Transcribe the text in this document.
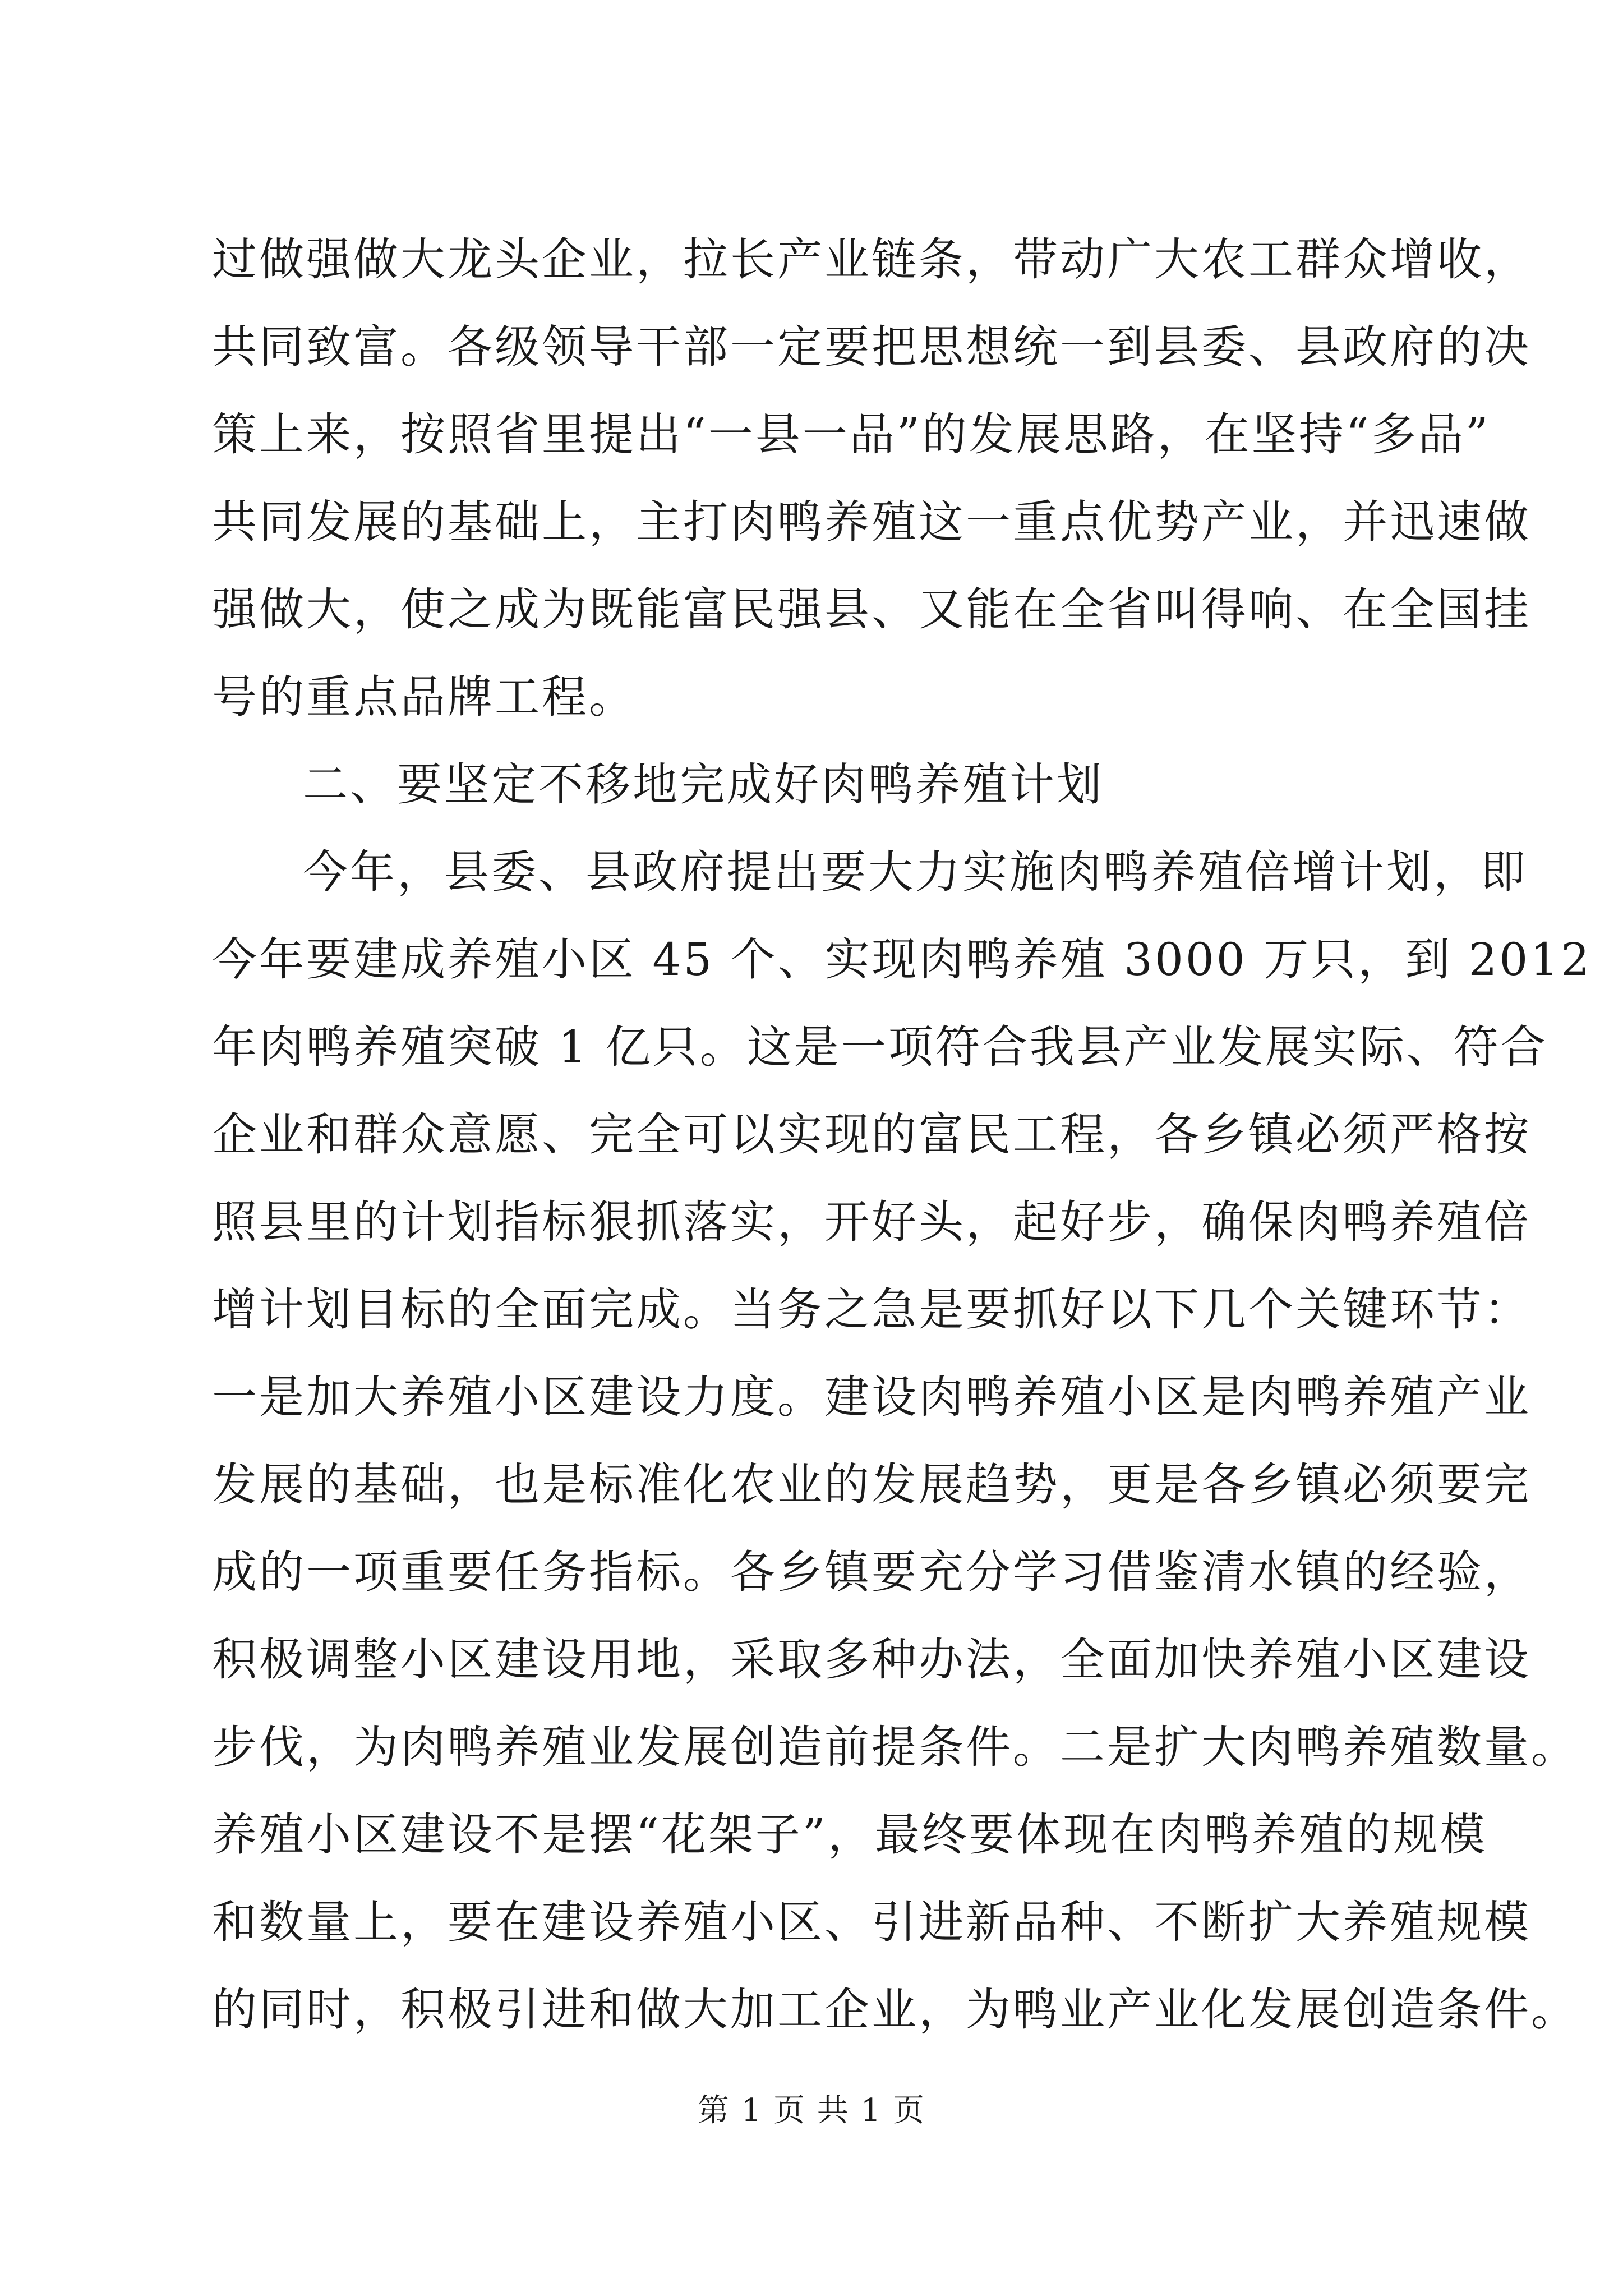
过做强做大龙头企业，拉长产业链条，带动广大农工群众增收，
共同致富。各级领导干部一定要把思想统一到县委、县政府的决
策上来，按照省里提出“一县一品”的发展思路，在坚持“多品”
共同发展的基础上，主打肉鸭养殖这一重点优势产业，并迅速做
强做大，使之成为既能富民强县、又能在全省叫得响、在全国挂
号的重点品牌工程。
二、要坚定不移地完成好肉鸭养殖计划
今年，县委、县政府提出要大力实施肉鸭养殖倍增计划，即
今年要建成养殖小区 45 个、实现肉鸭养殖 3000 万只，到 2012
年肉鸭养殖突破 1 亿只。这是一项符合我县产业发展实际、符合
企业和群众意愿、完全可以实现的富民工程，各乡镇必须严格按
照县里的计划指标狠抓落实，开好头，起好步，确保肉鸭养殖倍
增计划目标的全面完成。当务之急是要抓好以下几个关键环节：
一是加大养殖小区建设力度。建设肉鸭养殖小区是肉鸭养殖产业
发展的基础，也是标准化农业的发展趋势，更是各乡镇必须要完
成的一项重要任务指标。各乡镇要充分学习借鉴清水镇的经验，
积极调整小区建设用地，采取多种办法，全面加快养殖小区建设
步伐，为肉鸭养殖业发展创造前提条件。二是扩大肉鸭养殖数量。
养殖小区建设不是摆“花架子”，最终要体现在肉鸭养殖的规模
和数量上，要在建设养殖小区、引进新品种、不断扩大养殖规模
的同时，积极引进和做大加工企业，为鸭业产业化发展创造条件。
第 1 页 共 1 页
